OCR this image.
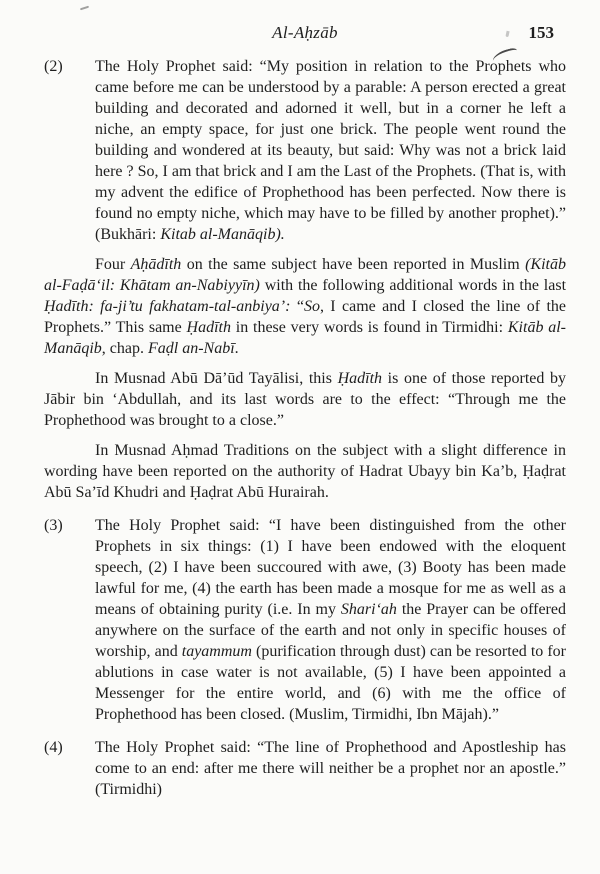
Al-Aḥzāb	153
(2)	The Holy Prophet said: “My position in relation to the Prophets who came before me can be understood by a parable: A person erected a great building and decorated and adorned it well, but in a corner he left a niche, an empty space, for just one brick. The people went round the building and wondered at its beauty, but said: Why was not a brick laid here ? So, I am that brick and I am the Last of the Prophets. (That is, with my advent the edifice of Prophethood has been perfected. Now there is found no empty niche, which may have to be filled by another prophet).” (Bukhāri: Kitab al-Manāqib).

Four Aḥādīth on the same subject have been reported in Muslim (Kitāb al-Faḍā‘il: Khātam an-Nabiyyīn) with the following additional words in the last Ḥadīth: fa-ji’tu fakhatam-tal-anbiya’: “So, I came and I closed the line of the Prophets.” This same Ḥadīth in these very words is found in Tirmidhi: Kitāb al-Manāqib, chap. Faḍl an-Nabī.

In Musnad Abū Dā’ūd Tayālisi, this Ḥadīth is one of those reported by Jābir bin ‘Abdullah, and its last words are to the effect: “Through me the Prophethood was brought to a close.”

In Musnad Aḥmad Traditions on the subject with a slight difference in wording have been reported on the authority of Hadrat Ubayy bin Ka’b, Ḥaḍrat Abū Sa’īd Khudri and Ḥaḍrat Abū Hurairah.

(3)	The Holy Prophet said: “I have been distinguished from the other Prophets in six things: (1) I have been endowed with the eloquent speech, (2) I have been succoured with awe, (3) Booty has been made lawful for me, (4) the earth has been made a mosque for me as well as a means of obtaining purity (i.e. In my Shari‘ah the Prayer can be offered anywhere on the surface of the earth and not only in specific houses of worship, and tayammum (purification through dust) can be resorted to for ablutions in case water is not available, (5) I have been appointed a Messenger for the entire world, and (6) with me the office of Prophethood has been closed. (Muslim, Tirmidhi, Ibn Mājah).”
(4)	The Holy Prophet said: “The line of Prophethood and Apostleship has come to an end: after me there will neither be a prophet nor an apostle.” (Tirmidhi)
